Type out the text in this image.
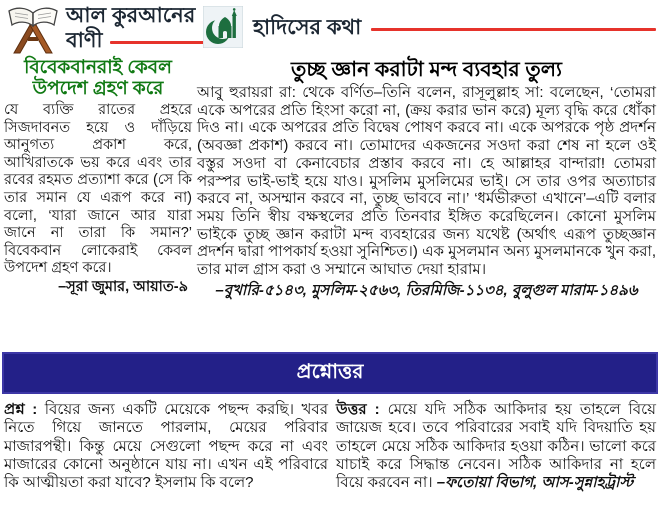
আল কুরআনের
বাণী
হাদিসের কথা
বিবেকবানরাই কেবল উপদেশ গ্রহণ করে
যে ব্যক্তি রাতের প্রহরে সিজদাবনত হয়ে ও দাঁড়িয়ে আনুগত্য প্রকাশ করে, আখিরাতকে ভয় করে এবং তার রবের রহমত প্রত্যাশা করে (সে কি তার সমান যে এরূপ করে না) বলো, ‘যারা জানে আর যারা জানে না তারা কি সমান?’ বিবেকবান লোকেরাই কেবল উপদেশ গ্রহণ করে।
–সূরা জুমার, আয়াত-৯
তুচ্ছ জ্ঞান করাটা মন্দ ব্যবহার তুল্য
আবু হুরায়রা রা: থেকে বর্ণিত–তিনি বলেন, রাসূলুল্লাহ সা: বলেছেন, ‘তোমরা একে অপরের প্রতি হিংসা করো না, (ক্রয় করার ভান করে) মূল্য বৃদ্ধি করে ধোঁকা দিও না। একে অপরের প্রতি বিদ্বেষ পোষণ করবে না। একে অপরকে পৃষ্ঠ প্রদর্শন (অবজ্ঞা প্রকাশ) করবে না। তোমাদের একজনের সওদা করা শেষ না হলে ওই বস্তুর সওদা বা কেনাবেচার প্রস্তাব করবে না। হে আল্লাহর বান্দারা! তোমরা পরস্পর ভাই-ভাই হয়ে যাও। মুসলিম মুসলিমের ভাই। সে তার ওপর অত্যাচার করবে না, অসম্মান করবে না, তুচ্ছ ভাববে না।’ ‘ধর্মভীরুতা এখানে’–এটি বলার সময় তিনি স্বীয় বক্ষস্থলের প্রতি তিনবার ইঙ্গিত করেছিলেন। কোনো মুসলিম ভাইকে তুচ্ছ জ্ঞান করাটা মন্দ ব্যবহারের জন্য যথেষ্ট (অর্থাৎ এরূপ তুচ্ছজ্ঞান প্রদর্শন দ্বারা পাপকার্য হওয়া সুনিশ্চিত।) এক মুসলমান অন্য মুসলমানকে খুন করা, তার মাল গ্রাস করা ও সম্মানে আঘাত দেয়া হারাম।
–বুখারি-৫১৪৩, মুসলিম-২৫৬৩, তিরমিজি-১১৩৪, বুলুগুল মারাম-১৪৯৬
প্রশ্নোত্তর
প্রশ্ন : বিয়ের জন্য একটি মেয়েকে পছন্দ করছি। খবর নিতে গিয়ে জানতে পারলাম, মেয়ের পরিবার মাজারপন্থী। কিন্তু মেয়ে সেগুলো পছন্দ করে না এবং মাজারের কোনো অনুষ্ঠানে যায় না। এখন এই পরিবারে কি আত্মীয়তা করা যাবে? ইসলাম কি বলে?
উত্তর : মেয়ে যদি সঠিক আকিদার হয় তাহলে বিয়ে জায়েজ হবে। তবে পরিবারের সবাই যদি বিদয়াতি হয় তাহলে মেয়ে সঠিক আকিদার হওয়া কঠিন। ভালো করে যাচাই করে সিদ্ধান্ত নেবেন। সঠিক আকিদার না হলে বিয়ে করবেন না। –ফতোয়া বিভাগ, আস-সুন্নাহট্রাস্ট
